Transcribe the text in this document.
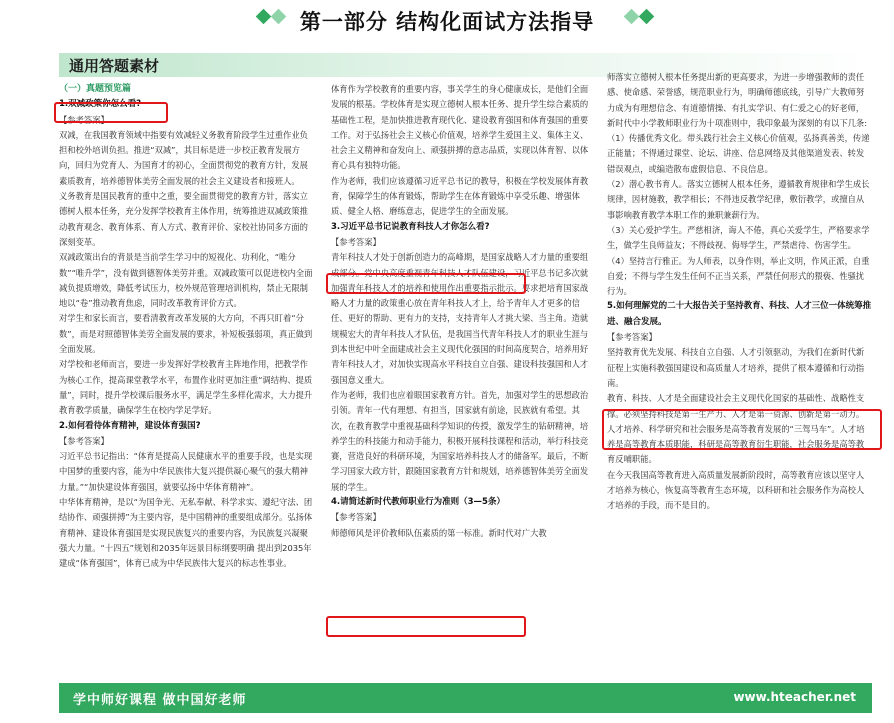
第一部分 结构化面试方法指导
通用答题素材

（一）真题预览篇

1.双减政策你怎么看?

【参考答案】

双减，在我国教育领域中指要有效减轻义务教育阶段学生过重作业负担和校外培训负担。推进“双减”，其目标是进一步校正教育发展方向，回归为党育人、为国育才的初心，全面贯彻党的教育方针，发展素质教育，培养德智体美劳全面发展的社会主义建设者和接班人。

义务教育是国民教育的重中之重，要全面贯彻党的教育方针，落实立德树人根本任务，充分发挥学校教育主体作用，统筹推进双减政策推动教育观念、教育体系、育人方式、教育评价、家校社协同多方面的深刻变革。

双减政策出台的背景是当前学生学习中的短视化、功利化，“唯分数”“唯升学”，没有做到德智体美劳并重。双减政策可以促进校内全面减负提质增效，降低考试压力，校外规范管理培训机构，禁止无限制地以“卷”推动教育焦虑，同时改革教育评价方式。

对学生和家长而言，要看清教育改革发展的大方向，不再只盯着“分数”，而是对照德智体美劳全面发展的要求，补短板强弱项，真正做到全面发展。

对学校和老师而言，要进一步发挥好学校教育主阵地作用，把教学作为核心工作，提高课堂教学水平，布置作业时更加注重“调结构、提质量”，同时，提升学校课后服务水平，满足学生多样化需求，大力提升教育教学质量，确保学生在校内学足学好。

2.如何看待体育精神，建设体育强国?

【参考答案】

习近平总书记指出：“体育是提高人民健康水平的重要手段，也是实现中国梦的重要内容，能为中华民族伟大复兴提供凝心聚气的强大精神力量。”“加快建设体育强国，就要弘扬中华体育精神”。

中华体育精神，是以“为国争光、无私奉献、科学求实、遵纪守法、团结协作、顽强拼搏”为主要内容，是中国精神的重要组成部分。弘扬体育精神、建设体育强国是实现民族复兴的重要内容，为民族复兴凝聚强大力量。“十四五”规划和2035年远景目标纲要明确 提出到2035年建成“体育强国”，体育已成为中华民族伟大复兴的标志性事业。

体育作为学校教育的重要内容，事关学生的身心健康成长，是他们全面发展的根基。学校体育是实现立德树人根本任务、提升学生综合素质的基础性工程，是加快推进教育现代化、建设教育强国和体育强国的重要工作。对于弘扬社会主义核心价值观，培养学生爱国主义、集体主义、社会主义精神和奋发向上、顽强拼搏的意志品质，实现以体育智、以体育心具有独特功能。

作为老师，我们应该遵循习近平总书记的教导，积极在学校发展体育教育，保障学生的体育锻炼，帮助学生在体育锻炼中享受乐趣、增强体质、健全人格、磨练意志，促进学生的全面发展。

3.习近平总书记说教育科技人才你怎么看?

【参考答案】

青年科技人才处于创新创造力的高峰期，是国家战略人才力量的重要组成部分。党中央高度重视青年科技人才队伍建设，习近平总书记多次就加强青年科技人才的培养和使用作出重要指示批示。要求把培育国家战略人才力量的政策重心放在青年科技人才上，给予青年人才更多的信任、更好的帮助、更有力的支持，支持青年人才挑大梁、当主角。造就规模宏大的青年科技人才队伍，是我国当代青年科技人才的职业生涯与到本世纪中叶全面建成社会主义现代化强国的时间高度契合，培养用好青年科技人才，对加快实现高水平科技自立自强、建设科技强国和人才强国意义重大。

作为老师，我们也应着眼国家教育方针。首先，加强对学生的思想政治引领。青年一代有理想、有担当，国家就有前途，民族就有希望。其次，在教育教学中重视基础科学知识的传授，激发学生的钻研精神，培养学生的科技能力和动手能力，积极开展科技课程和活动，举行科技竞赛，营造良好的科研环境，为国家培养科技人才的储备军。最后，不断学习国家大政方针，跟随国家教育方针和规划，培养德智体美劳全面发展的学生。

4.请简述新时代教师职业行为准则（3—5条）

【参考答案】

师德师风是评价教师队伍素质的第一标准。新时代对广大教

师落实立德树人根本任务提出新的更高要求，为进一步增强教师的责任感、使命感、荣誉感，规范职业行为，明确师德底线，引导广大教师努力成为有理想信念、有道德情操、有扎实学识、有仁爱之心的好老师，新时代中小学教师职业行为十项准则中，我印象最为深刻的有以下几条:

（1）传播优秀文化。带头践行社会主义核心价值观，弘扬真善美，传递正能量；不得通过课堂、论坛、讲座、信息网络及其他渠道发表、转发错误观点，或编造散布虚假信息、不良信息。

（2）潜心教书育人。落实立德树人根本任务，遵循教育规律和学生成长规律，因材施教，教学相长；不得违反教学纪律，敷衍教学，或擅自从事影响教育教学本职工作的兼职兼薪行为。

（3）关心爱护学生。严慈相济，诲人不倦，真心关爱学生，严格要求学生，做学生良师益友；不得歧视、侮辱学生，严禁虐待、伤害学生。

（4）坚持言行雅正。为人师表，以身作则，举止文明，作风正派，自重自爱；不得与学生发生任何不正当关系，严禁任何形式的猥亵、性骚扰行为。

5.如何理解党的二十大报告关于坚持教育、科技、人才三位一体统筹推进、融合发展。

【参考答案】

坚持教育优先发展、科技自立自强、人才引领驱动，为我们在新时代新征程上实施科教强国建设和高质量人才培养，提供了根本遵循和行动指南。

教育、科技、人才是全面建设社会主义现代化国家的基础性、战略性支撑。必须坚持科技是第一生产力、人才是第一资源、创新是第一动力。人才培养、科学研究和社会服务是高等教育发展的“三驾马车”。人才培养是高等教育本质职能，科研是高等教育衍生职能，社会服务是高等教育反哺职能。

在今天我国高等教育进入高质量发展新阶段时，高等教育应该以坚守人才培养为核心，恢复高等教育生态环境，以科研和社会服务作为高校人才培养的手段，而不是目的。

学中师好课程 做中国好老师	www.hteacher.net
